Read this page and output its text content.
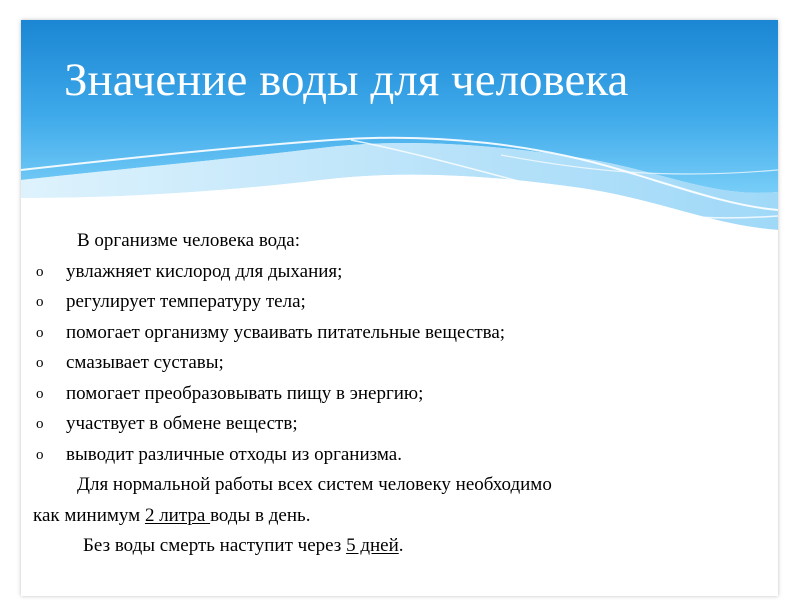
Значение воды для человека
В организме человека вода:
o увлажняет кислород для дыхания;
o регулирует температуру тела;
o помогает организму усваивать питательные вещества;
o смазывает суставы;
o помогает преобразовывать пищу в энергию;
o участвует в обмене веществ;
o выводит различные отходы из организма.
Для нормальной работы всех систем человеку необходимо
как минимум 2 литра воды в день.
Без воды смерть наступит через 5 дней.
